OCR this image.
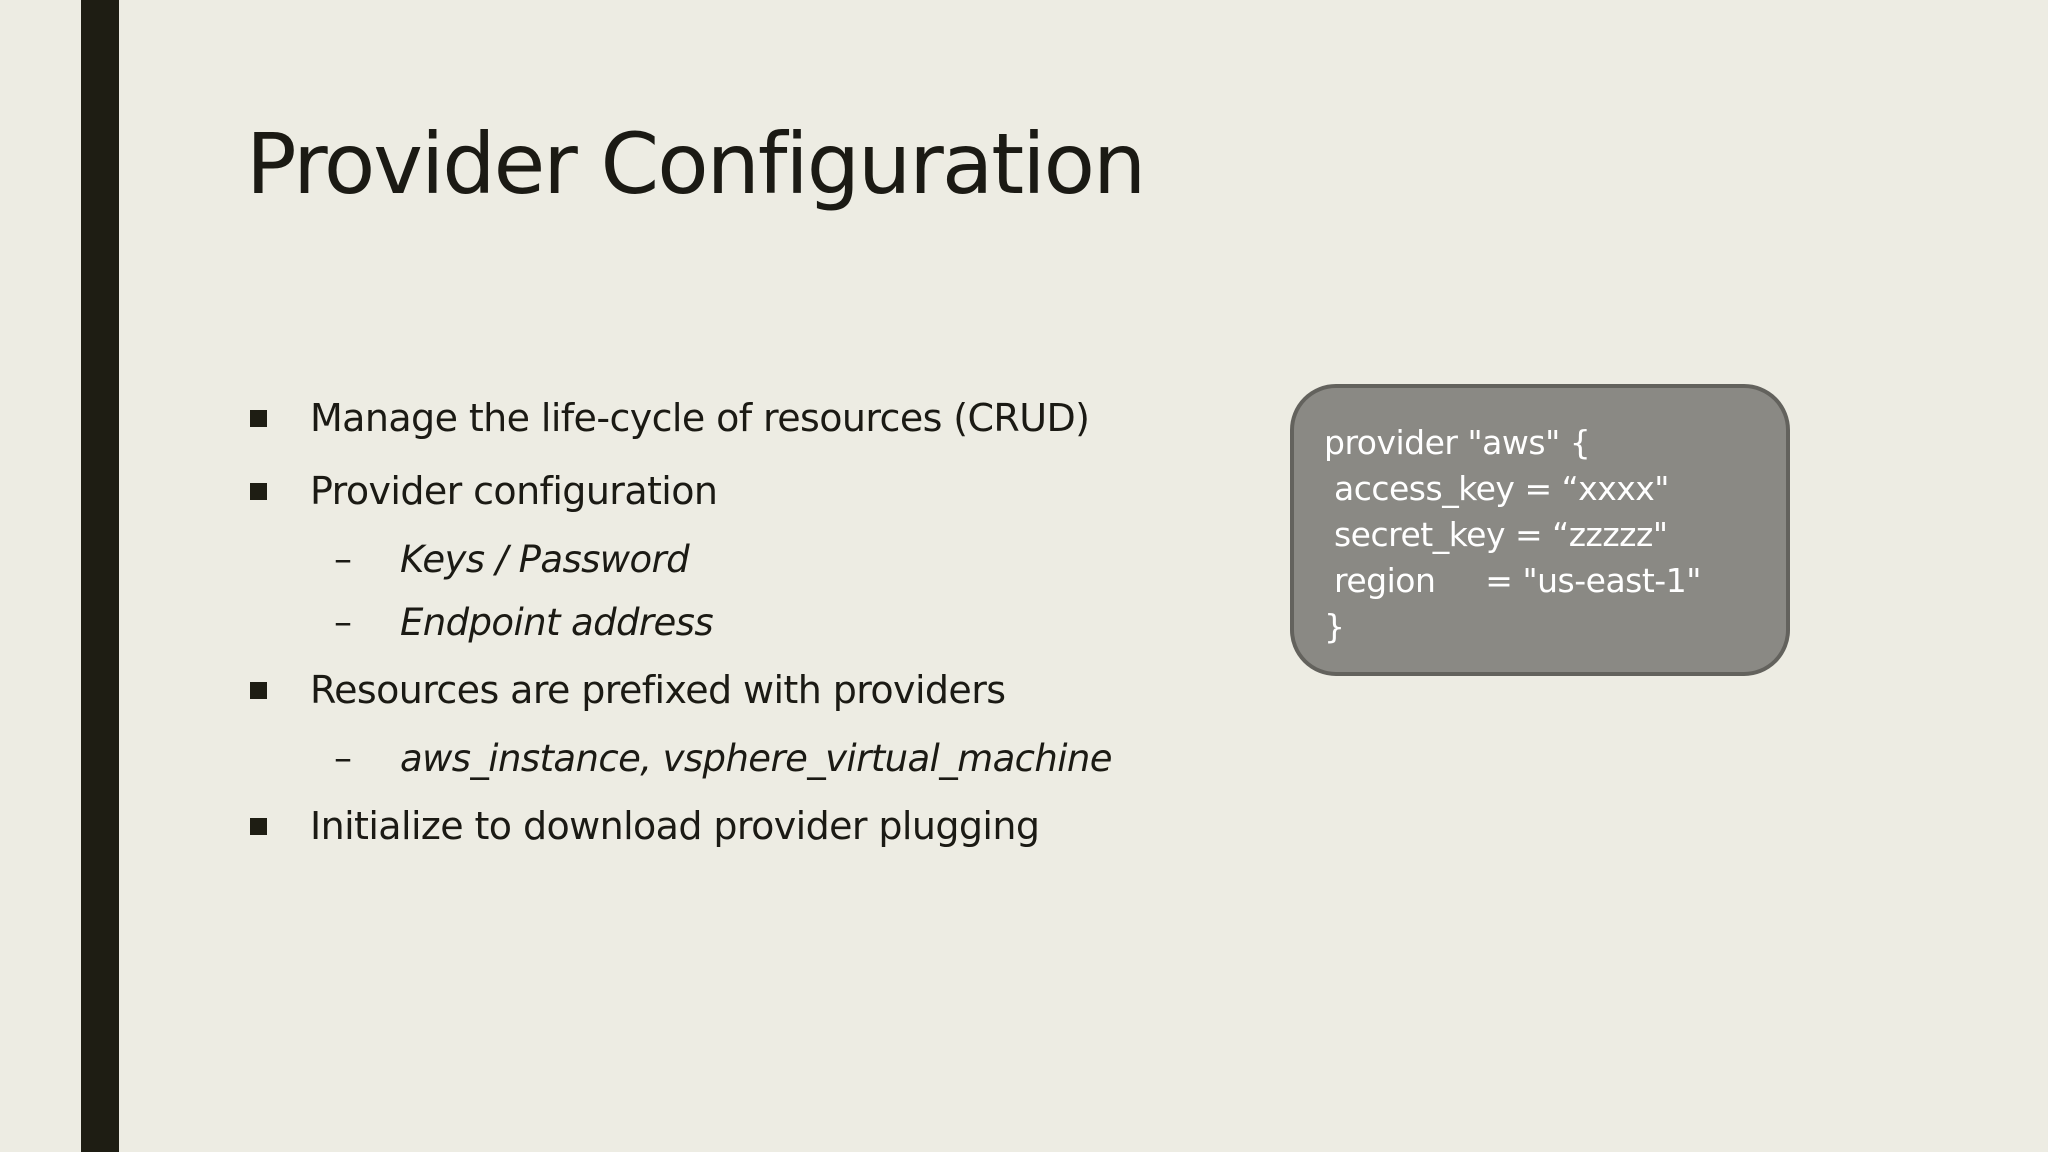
Provider Configuration
Manage the life-cycle of resources (CRUD)
Provider configuration
– Keys / Password
– Endpoint address
Resources are prefixed with providers
– aws_instance, vsphere_virtual_machine
Initialize to download provider plugging
provider "aws" {
access_key = “xxxx"
secret_key = “zzzzz"
region     = "us-east-1"
}
